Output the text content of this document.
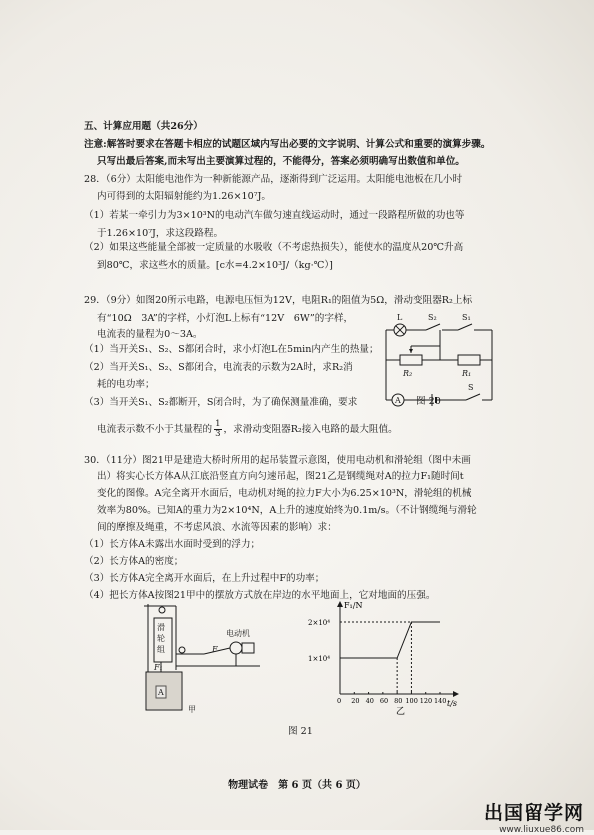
五、计算应用题（共26分）
注意:解答时要求在答题卡相应的试题区域内写出必要的文字说明、计算公式和重要的演算步骤。
只写出最后答案,而未写出主要演算过程的，不能得分，答案必须明确写出数值和单位。
28．（6分）太阳能电池作为一种新能源产品，逐渐得到广泛运用。太阳能电池板在几小时
内可得到的太阳辐射能约为1.26×10⁷J。
（1）若某一牵引力为3×10³N的电动汽车做匀速直线运动时，通过一段路程所做的功也等
于1.26×10⁷J，求这段路程。
（2）如果这些能量全部被一定质量的水吸收（不考虑热损失），能使水的温度从20℃升高
到80℃，求这些水的质量。[c水=4.2×10³J/（kg·℃）]
29．（9分）如图20所示电路，电源电压恒为12V，电阻R₁的阻值为5Ω，滑动变阻器R₂上标
有“10Ω　3A”的字样，小灯泡L上标有“12V　6W”的字样，
电流表的量程为0～3A。
（1）当开关S₁、S₂、S都闭合时，求小灯泡L在5min内产生的热量；
（2）当开关S₁、S₂、S都闭合，电流表的示数为2A时，求R₂消
耗的电功率；
（3）当开关S₁、S₂都断开，S闭合时，为了确保测量准确，要求
电流表示数不小于其量程的 $\frac{1}{3}$ ，求滑动变阻器R₂接入电路的最大阻值。
L	S₂	S₁
R₂	R₁
A
S
图 20
30．（11分）图21甲是建造大桥时所用的起吊装置示意图，使用电动机和滑轮组（图中未画
出）将实心长方体A从江底沿竖直方向匀速吊起，图21乙是钢缆绳对A的拉力F₁随时间t
变化的图像。A完全离开水面后，电动机对绳的拉力F大小为6.25×10³N，滑轮组的机械
效率为80%。已知A的重力为2×10⁴N，A上升的速度始终为0.1m/s。（不计钢缆绳与滑轮
间的摩擦及绳重，不考虑风浪、水流等因素的影响）求：
（1）长方体A未露出水面时受到的浮力；
（2）长方体A的密度；
（3）长方体A完全离开水面后，在上升过程中F的功率；
（4）把长方体A按图21甲中的摆放方式放在岸边的水平地面上，它对地面的压强。
滑
轮
组
电动机
F
F₁
A
甲
F₁/N
t/s
0 20 40 60 80 100 120 140
1×10⁴
2×10⁴
乙
图 21
物理试卷　第 6 页（共 6 页）
出国留学网
www.liuxue86.com
